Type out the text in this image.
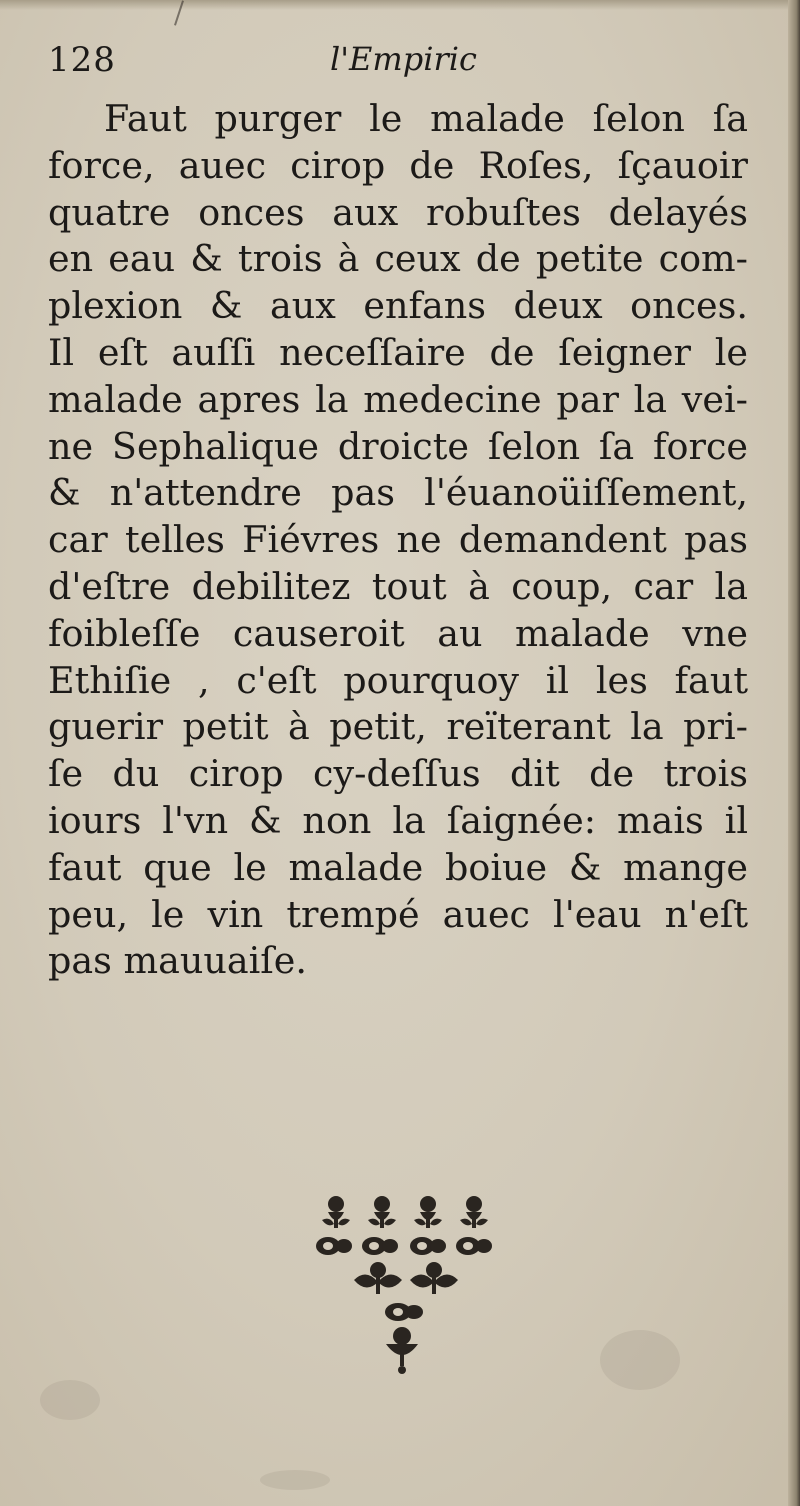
128	l'Empiric

Faut purger le malade ſelon ſa
force, auec cirop de Roſes, ſçauoir
quatre onces aux robuſtes delayés
en eau & trois à ceux de petite com-
plexion & aux enfans deux onces.
Il eſt auſſi neceſſaire de ſeigner le
malade apres la medecine par la vei-
ne Sephalique droicte ſelon ſa force
& n'attendre pas l'éuanoüiſſement,
car telles Fiévres ne demandent pas
d'eſtre debilitez tout à coup, car la
foibleſſe causeroit au malade vne
Ethiſie , c'eſt pourquoy il les faut
guerir petit à petit, reïterant la pri-
ſe du cirop cy-deſſus dit de trois
iours l'vn & non la ſaignée: mais il
faut que le malade boiue & mange
peu, le vin trempé auec l'eau n'eſt
pas mauuaiſe.
